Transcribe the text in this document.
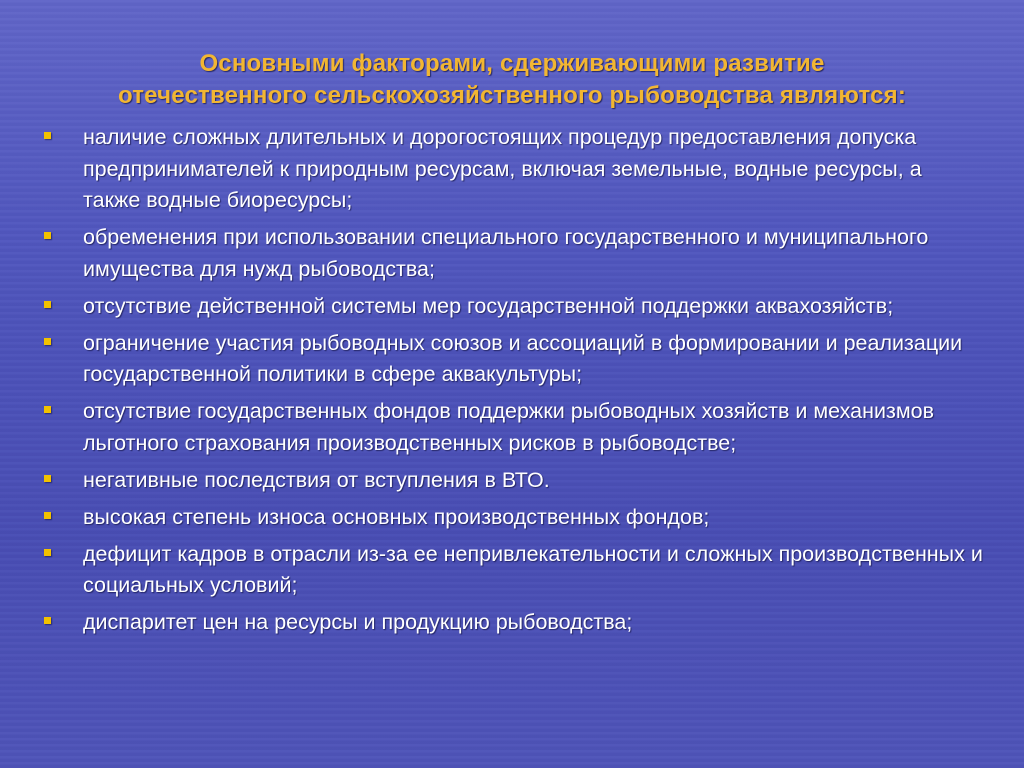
Основными факторами, сдерживающими развитие
отечественного сельскохозяйственного рыбоводства являются:
наличие сложных длительных и дорогостоящих процедур предоставления допуска предпринимателей к природным ресурсам, включая земельные, водные ресурсы, а также водные биоресурсы;
обременения при использовании специального государственного и муниципального имущества для нужд рыбоводства;
отсутствие действенной системы мер государственной поддержки аквахозяйств;
ограничение участия рыбоводных союзов и ассоциаций в формировании и реализации государственной политики в сфере аквакультуры;
отсутствие государственных фондов поддержки рыбоводных хозяйств и механизмов льготного страхования производственных рисков в рыбоводстве;
негативные последствия от вступления в ВТО.
высокая степень износа основных производственных фондов;
дефицит кадров в отрасли из-за ее непривлекательности и сложных производственных и социальных условий;
диспаритет цен на ресурсы и продукцию рыбоводства;
